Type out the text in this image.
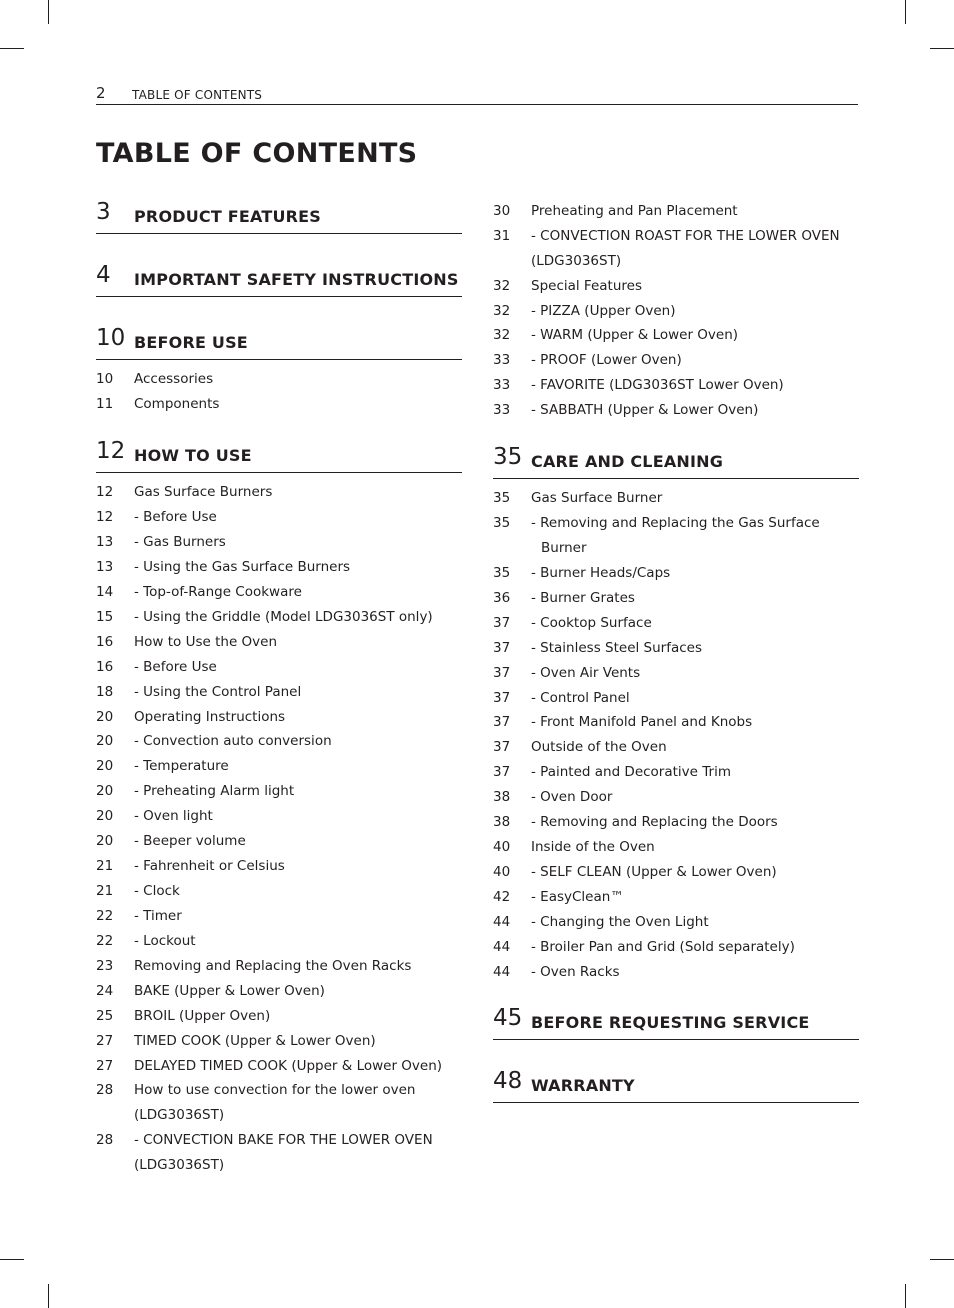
2 TABLE OF CONTENTS
TABLE OF CONTENTS
3 PRODUCT FEATURES
4 IMPORTANT SAFETY INSTRUCTIONS
10 BEFORE USE
10 Accessories
11 Components
12 HOW TO USE
12 Gas Surface Burners
12 - Before Use
13 - Gas Burners
13 - Using the Gas Surface Burners
14 - Top-of-Range Cookware
15 - Using the Griddle (Model LDG3036ST only)
16 How to Use the Oven
16 - Before Use
18 - Using the Control Panel
20 Operating Instructions
20 - Convection auto conversion
20 - Temperature
20 - Preheating Alarm light
20 - Oven light
20 - Beeper volume
21 - Fahrenheit or Celsius
21 - Clock
22 - Timer
22 - Lockout
23 Removing and Replacing the Oven Racks
24 BAKE (Upper & Lower Oven)
25 BROIL (Upper Oven)
27 TIMED COOK (Upper & Lower Oven)
27 DELAYED TIMED COOK (Upper & Lower Oven)
28 How to use convection for the lower oven
(LDG3036ST)
28 - CONVECTION BAKE FOR THE LOWER OVEN
(LDG3036ST)
30 Preheating and Pan Placement
31 - CONVECTION ROAST FOR THE LOWER OVEN
(LDG3036ST)
32 Special Features
32 - PIZZA (Upper Oven)
32 - WARM (Upper & Lower Oven)
33 - PROOF (Lower Oven)
33 - FAVORITE (LDG3036ST Lower Oven)
33 - SABBATH (Upper & Lower Oven)
35 CARE AND CLEANING
35 Gas Surface Burner
35 - Removing and Replacing the Gas Surface
Burner
35 - Burner Heads/Caps
36 - Burner Grates
37 - Cooktop Surface
37 - Stainless Steel Surfaces
37 - Oven Air Vents
37 - Control Panel
37 - Front Manifold Panel and Knobs
37 Outside of the Oven
37 - Painted and Decorative Trim
38 - Oven Door
38 - Removing and Replacing the Doors
40 Inside of the Oven
40 - SELF CLEAN (Upper & Lower Oven)
42 - EasyClean™
44 - Changing the Oven Light
44 - Broiler Pan and Grid (Sold separately)
44 - Oven Racks
45 BEFORE REQUESTING SERVICE
48 WARRANTY
